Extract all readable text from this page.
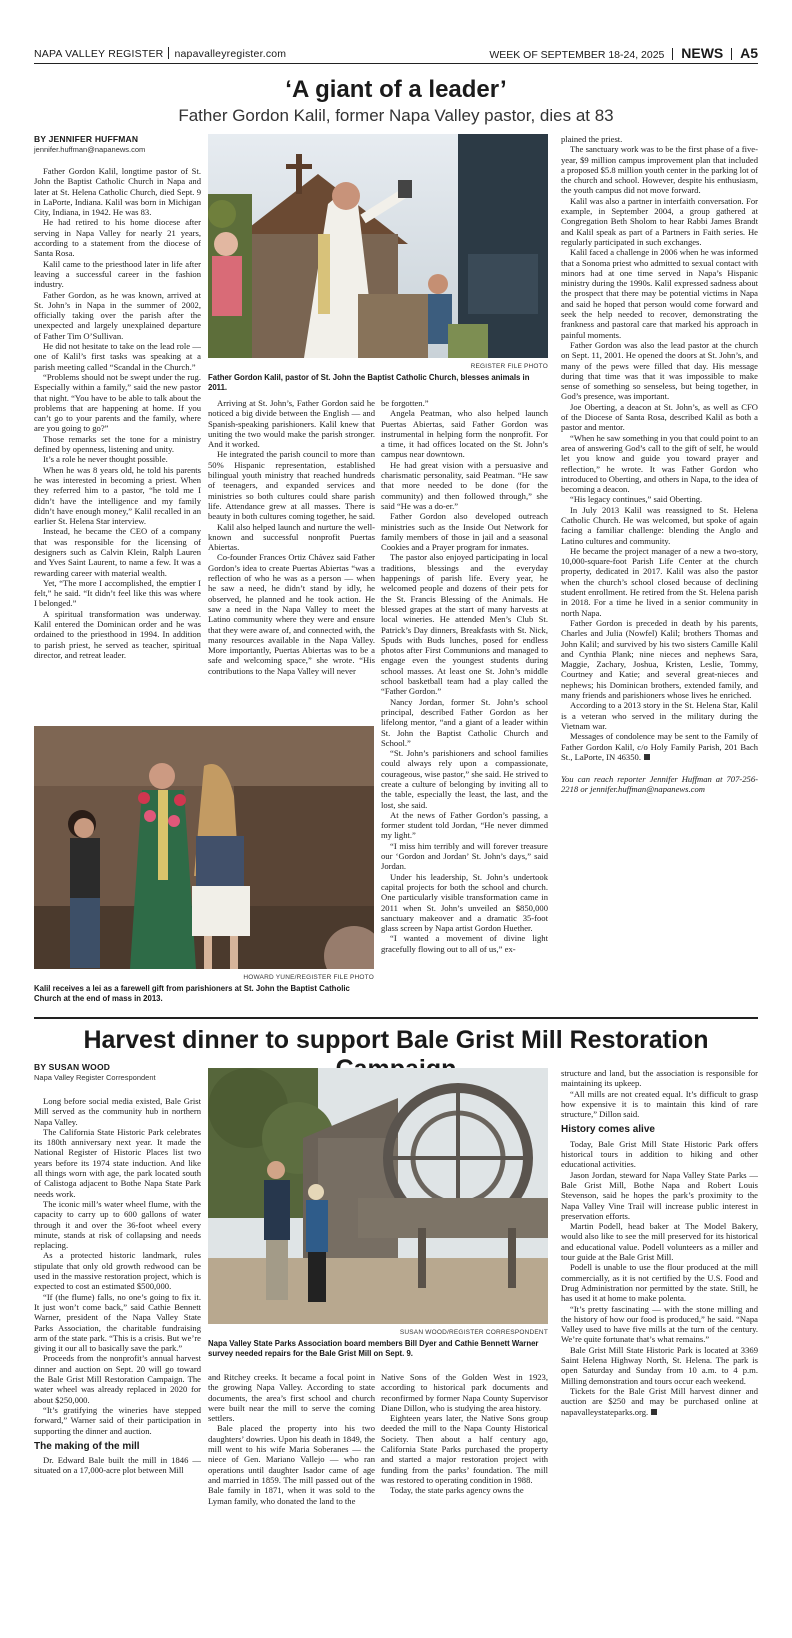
NAPA VALLEY REGISTER napavalleyregister.com	WEEK OF SEPTEMBER 18-24, 2025 NEWS A5
‘A giant of a leader’
Father Gordon Kalil, former Napa Valley pastor, dies at 83
BY JENNIFER HUFFMAN
jennifer.huffman@napanews.com

Father Gordon Kalil, longtime pastor of St. John the Baptist Catholic Church in Napa and later at St. Helena Catholic Church, died Sept. 9 in LaPorte, Indiana. Kalil was born in Michigan City, Indiana, in 1942. He was 83.

He had retired to his home diocese after serving in Napa Valley for nearly 21 years, according to a statement from the diocese of Santa Rosa.

Kalil came to the priesthood later in life after leaving a successful career in the fashion industry.

Father Gordon, as he was known, arrived at St. John’s in Napa in the summer of 2002, officially taking over the parish after the unexpected and largely unexplained departure of Father Tim O’Sullivan.

He did not hesitate to take on the lead role — one of Kalil’s first tasks was speaking at a parish meeting called “Scandal in the Church.”

“Problems should not be swept under the rug. Especially within a family,” said the new pastor that night. “You have to be able to talk about the problems that are happening at home. If you can’t go to your parents and the family, where are you going to go?”

Those remarks set the tone for a ministry defined by openness, listening and unity.

It’s a role he never thought possible.

When he was 8 years old, he told his parents he was interested in becoming a priest. When they referred him to a pastor, “he told me I didn’t have the intelligence and my family didn’t have enough money,” Kalil recalled in an earlier St. Helena Star interview.

Instead, he became the CEO of a company that was responsible for the licensing of designers such as Calvin Klein, Ralph Lauren and Yves Saint Laurent, to name a few. It was a rewarding career with material wealth.

Yet, “The more I accomplished, the emptier I felt,” he said. “It didn’t feel like this was where I belonged.”

A spiritual transformation was underway. Kalil entered the Dominican order and he was ordained to the priesthood in 1994. In addition to parish priest, he served as teacher, spiritual director, and retreat leader.

REGISTER FILE PHOTO
Father Gordon Kalil, pastor of St. John the Baptist Catholic Church, blesses animals in 2011.

Arriving at St. John’s, Father Gordon said he noticed a big divide between the English — and Spanish-speaking parishioners. Kalil knew that uniting the two would make the parish stronger. And it worked.

He integrated the parish council to more than 50% Hispanic representation, established bilingual youth ministry that reached hundreds of teenagers, and expanded services and ministries so both cultures could share parish life. Attendance grew at all masses. There is beauty in both cultures coming together, he said.

Kalil also helped launch and nurture the well-known and successful nonprofit Puertas Abiertas.

Co-founder Frances Ortiz Chávez said Father Gordon’s idea to create Puertas Abiertas “was a reflection of who he was as a person — when he saw a need, he didn’t stand by idly, he observed, he planned and he took action. He saw a need in the Napa Valley to meet the Latino community where they were and ensure that they were aware of, and connected with, the many resources available in the Napa Valley. More importantly, Puertas Abiertas was to be a safe and welcoming space,” she wrote. “His contributions to the Napa Valley will never

be forgotten.”

Angela Peatman, who also helped launch Puertas Abiertas, said Father Gordon was instrumental in helping form the nonprofit. For a time, it had offices located on the St. John’s campus near downtown.

He had great vision with a persuasive and charismatic personality, said Peatman. “He saw that more needed to be done (for the community) and then followed through,” she said “He was a do-er.”

Father Gordon also developed outreach ministries such as the Inside Out Network for family members of those in jail and a seasonal Cookies and a Prayer program for inmates.

The pastor also enjoyed participating in local traditions, blessings and the everyday happenings of parish life. Every year, he welcomed people and dozens of their pets for the St. Francis Blessing of the Animals. He blessed grapes at the start of many harvests at local wineries. He attended Men’s Club St. Patrick’s Day dinners, Breakfasts with St. Nick, Spuds with Buds lunches, posed for endless photos after First Communions and managed to engage even the youngest students during school masses. At least one St. John’s middle school basketball team had a play called the “Father Gordon.”

Nancy Jordan, former St. John’s school principal, described Father Gordon as her lifelong mentor, “and a giant of a leader within St. John the Baptist Catholic Church and School.”

“St. John’s parishioners and school families could always rely upon a compassionate, courageous, wise pastor,” she said. He strived to create a culture of belonging by inviting all to the table, especially the least, the last, and the lost, she said.

At the news of Father Gordon’s passing, a former student told Jordan, “He never dimmed my light.”

“I miss him terribly and will forever treasure our ‘Gordon and Jordan’ St. John’s days,” said Jordan.

Under his leadership, St. John’s undertook capital projects for both the school and church. One particularly visible transformation came in 2011 when St. John’s unveiled an $850,000 sanctuary makeover and a dramatic 35-foot glass screen by Napa artist Gordon Huether.

“I wanted a movement of divine light gracefully flowing out to all of us,” ex-

HOWARD YUNE/REGISTER FILE PHOTO
Kalil receives a lei as a farewell gift from parishioners at St. John the Baptist Catholic Church at the end of mass in 2013.

plained the priest.

The sanctuary work was to be the first phase of a five-year, $9 million campus improvement plan that included a proposed $5.8 million youth center in the parking lot of the church and school. However, despite his enthusiasm, the youth campus did not move forward.

Kalil was also a partner in interfaith conversation. For example, in September 2004, a group gathered at Congregation Beth Sholom to hear Rabbi James Brandt and Kalil speak as part of a Partners in Faith series. He regularly participated in such exchanges.

Kalil faced a challenge in 2006 when he was informed that a Sonoma priest who admitted to sexual contact with minors had at one time served in Napa’s Hispanic ministry during the 1990s. Kalil expressed sadness about the prospect that there may be potential victims in Napa and said he hoped that person would come forward and seek the help needed to recover, demonstrating the frankness and pastoral care that marked his approach in painful moments.

Father Gordon was also the lead pastor at the church on Sept. 11, 2001. He opened the doors at St. John’s, and many of the pews were filled that day. His message during that time was that it was impossible to make sense of something so senseless, but being together, in God’s presence, was important.

Joe Oberting, a deacon at St. John’s, as well as CFO of the Diocese of Santa Rosa, described Kalil as both a pastor and mentor.

“When he saw something in you that could point to an area of answering God’s call to the gift of self, he would let you know and guide you toward prayer and reflection,” he wrote. It was Father Gordon who introduced to Oberting, and others in Napa, to the idea of becoming a deacon.

“His legacy continues,” said Oberting.

In July 2013 Kalil was reassigned to St. Helena Catholic Church. He was welcomed, but spoke of again facing a familiar challenge: blending the Anglo and Latino cultures and community.

He became the project manager of a new a two-story, 10,000-square-foot Parish Life Center at the church property, dedicated in 2017. Kalil was also the pastor when the church’s school closed because of declining student enrollment. He retired from the St. Helena parish in 2018. For a time he lived in a senior community in north Napa.

Father Gordon is preceded in death by his parents, Charles and Julia (Nowfel) Kalil; brothers Thomas and John Kalil; and survived by his two sisters Camille Kalil and Cynthia Plank; nine nieces and nephews Sara, Maggie, Zachary, Joshua, Kristen, Leslie, Tommy, Courtney and Katie; and several great-nieces and nephews; his Dominican brothers, extended family, and many friends and parishioners whose lives he enriched.

According to a 2013 story in the St. Helena Star, Kalil is a veteran who served in the military during the Vietnam war.

Messages of condolence may be sent to the Family of Father Gordon Kalil, c/o Holy Family Parish, 201 Bach St., LaPorte, IN 46350.

You can reach reporter Jennifer Huffman at 707-256-2218 or jennifer.huffman@napanews.com

Harvest dinner to support Bale Grist Mill Restoration
BY SUSAN WOOD
Napa Valley Register Correspondent

Long before social media existed, Bale Grist Mill served as the community hub in northern Napa Valley.

The California State Historic Park celebrates its 180th anniversary next year. It made the National Register of Historic Places list two years before its 1974 state induction. And like all things worn with age, the park located south of Calistoga adjacent to Bothe Napa State Park needs work.

The iconic mill’s water wheel flume, with the capacity to carry up to 600 gallons of water through it and over the 36-foot wheel every minute, stands at risk of collapsing and needs replacing.

As a protected historic landmark, rules stipulate that only old growth redwood can be used in the massive restoration project, which is expected to cost an estimated $500,000.

“If (the flume) falls, no one’s going to fix it. It just won’t come back,” said Cathie Bennett Warner, president of the Napa Valley State Parks Association, the charitable fundraising arm of the state park. “This is a crisis. But we’re giving it our all to basically save the park.”

Proceeds from the nonprofit’s annual harvest dinner and auction on Sept. 20 will go toward the Bale Grist Mill Restoration Campaign. The water wheel was already replaced in 2020 for about $250,000.

“It’s gratifying the wineries have stepped forward,” Warner said of their participation in supporting the dinner and auction.

The making of the mill

Dr. Edward Bale built the mill in 1846 — situated on a 17,000-acre plot between Mill

SUSAN WOOD/REGISTER CORRESPONDENT
Napa Valley State Parks Association board members Bill Dyer and Cathie Bennett Warner survey needed repairs for the Bale Grist Mill on Sept. 9.

and Ritchey creeks. It became a focal point in the growing Napa Valley. According to state documents, the area’s first school and church were built near the mill to serve the coming settlers.

Bale placed the property into his two daughters’ dowries. Upon his death in 1849, the mill went to his wife Maria Soberanes — the niece of Gen. Mariano Vallejo — who ran operations until daughter Isador came of age and married in 1859. The mill passed out of the Bale family in 1871, when it was sold to the Lyman family, who donated the land to the

Native Sons of the Golden West in 1923, according to historical park documents and reconfirmed by former Napa County Supervisor Diane Dillon, who is studying the area history.

Eighteen years later, the Native Sons group deeded the mill to the Napa County Historical Society. Then about a half century ago, California State Parks purchased the property and started a major restoration project with funding from the parks’ foundation. The mill was restored to operating condition in 1988.

Today, the state parks agency owns the

structure and land, but the association is responsible for maintaining its upkeep.

“All mills are not created equal. It’s difficult to grasp how expensive it is to maintain this kind of rare structure,” Dillon said.

History comes alive

Today, Bale Grist Mill State Historic Park offers historical tours in addition to hiking and other educational activities.

Jason Jordan, steward for Napa Valley State Parks — Bale Grist Mill, Bothe Napa and Robert Louis Stevenson, said he hopes the park’s proximity to the Napa Valley Vine Trail will increase public interest in preservation efforts.

Martin Podell, head baker at The Model Bakery, would also like to see the mill preserved for its historical and educational value. Podell volunteers as a miller and tour guide at the Bale Grist Mill.

Podell is unable to use the flour produced at the mill commercially, as it is not certified by the U.S. Food and Drug Administration nor permitted by the state. Still, he has used it at home to make polenta.

“It’s pretty fascinating — with the stone milling and the history of how our food is produced,” he said. “Napa Valley used to have five mills at the turn of the century. We’re quite fortunate that’s what remains.”

Bale Grist Mill State Historic Park is located at 3369 Saint Helena Highway North, St. Helena. The park is open Saturday and Sunday from 10 a.m. to 4 p.m. Milling demonstration and tours occur each weekend.

Tickets for the Bale Grist Mill harvest dinner and auction are $250 and may be purchased online at napavalleystateparks.org.
